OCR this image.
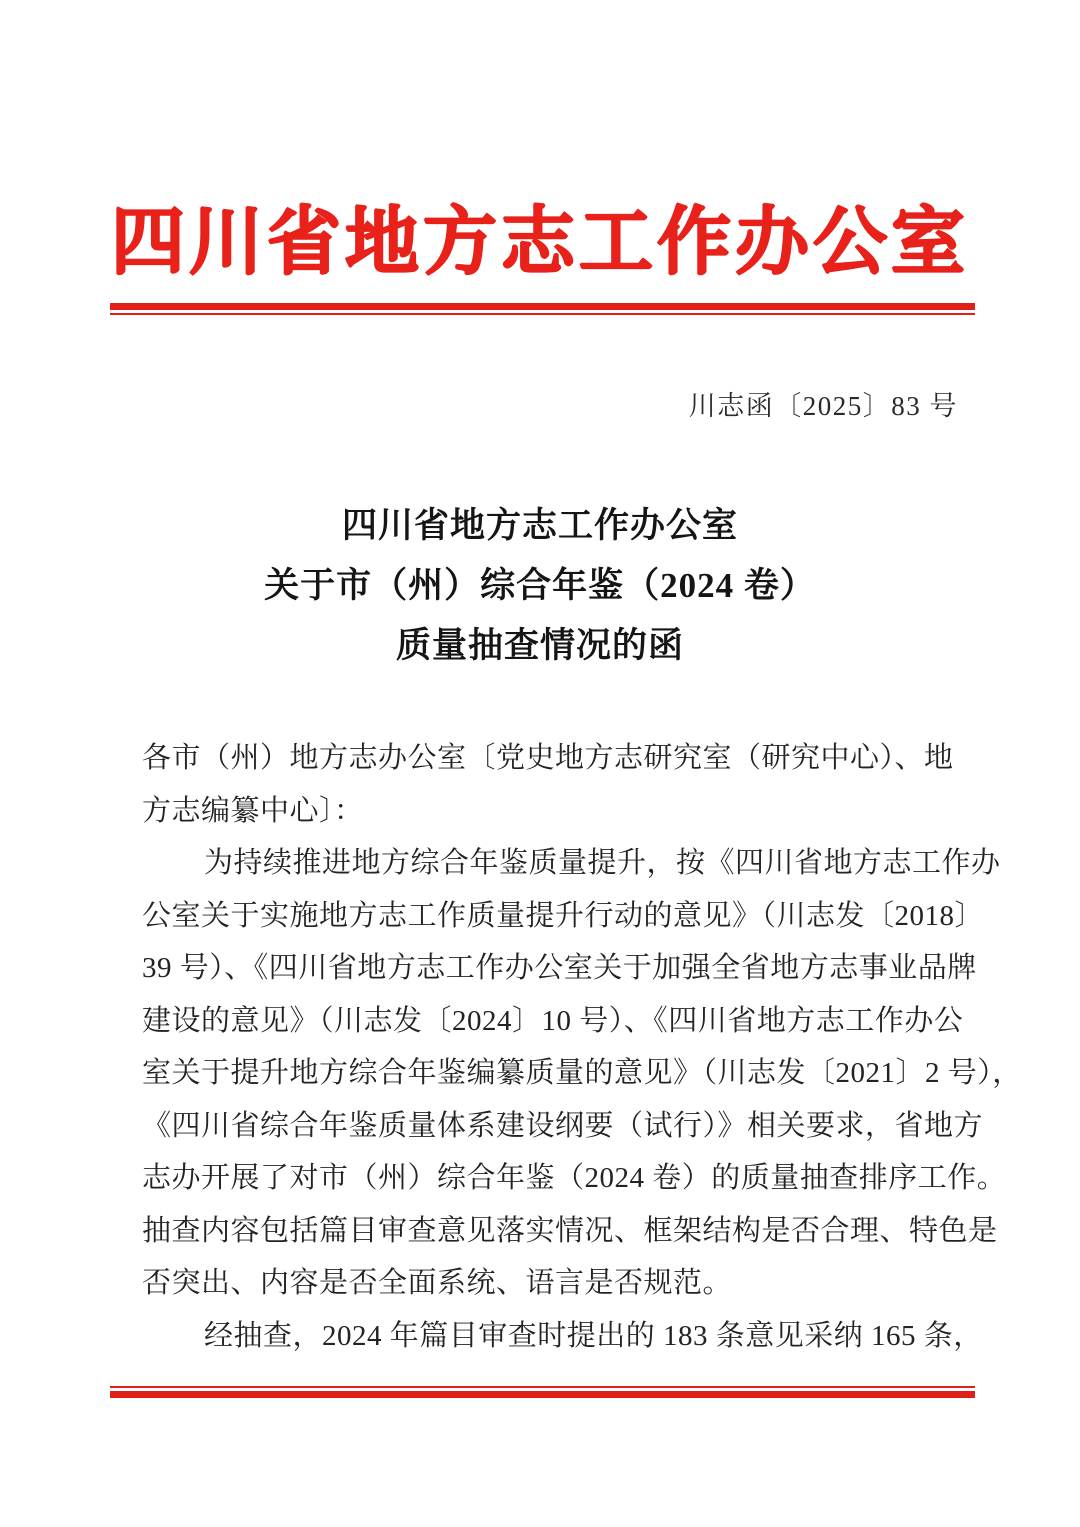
四川省地方志工作办公室
川志函〔2025〕83 号
四川省地方志工作办公室
关于市（州）综合年鉴（2024 卷）
质量抽查情况的函
各市（州）地方志办公室〔党史地方志研究室（研究中心）、地
方志编纂中心〕：
为持续推进地方综合年鉴质量提升，按《四川省地方志工作办
公室关于实施地方志工作质量提升行动的意见》（川志发〔2018〕
39 号）、《四川省地方志工作办公室关于加强全省地方志事业品牌
建设的意见》（川志发〔2024〕10 号）、《四川省地方志工作办公
室关于提升地方综合年鉴编纂质量的意见》（川志发〔2021〕2 号），
《四川省综合年鉴质量体系建设纲要（试行）》相关要求，省地方
志办开展了对市（州）综合年鉴（2024 卷）的质量抽查排序工作。
抽查内容包括篇目审查意见落实情况、框架结构是否合理、特色是
否突出、内容是否全面系统、语言是否规范。
经抽查，2024 年篇目审查时提出的 183 条意见采纳 165 条，
